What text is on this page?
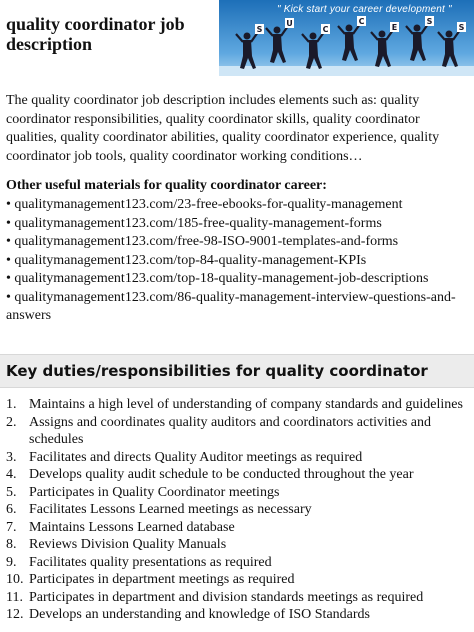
quality coordinator job description
S
U
C
C
E
S
S
" Kick start your career development "

The quality coordinator job description includes elements such as: quality coordinator responsibilities, quality coordinator skills, quality coordinator qualities, quality coordinator abilities, quality coordinator experience, quality coordinator job tools, quality coordinator working conditions…

Other useful materials for quality coordinator career:
• qualitymanagement123.com/23-free-ebooks-for-quality-management
• qualitymanagement123.com/185-free-quality-management-forms
• qualitymanagement123.com/free-98-ISO-9001-templates-and-forms
• qualitymanagement123.com/top-84-quality-management-KPIs
• qualitymanagement123.com/top-18-quality-management-job-descriptions
• qualitymanagement123.com/86-quality-management-interview-questions-and-answers
Key duties/responsibilities for quality coordinator
1. Maintains a high level of understanding of company standards and guidelines
2. Assigns and coordinates quality auditors and coordinators activities and schedules
3. Facilitates and directs Quality Auditor meetings as required
4. Develops quality audit schedule to be conducted throughout the year
5. Participates in Quality Coordinator meetings
6. Facilitates Lessons Learned meetings as necessary
7. Maintains Lessons Learned database
8. Reviews Division Quality Manuals
9. Facilitates quality presentations as required
10. Participates in department meetings as required
11. Participates in department and division standards meetings as required
12. Develops an understanding and knowledge of ISO Standards
